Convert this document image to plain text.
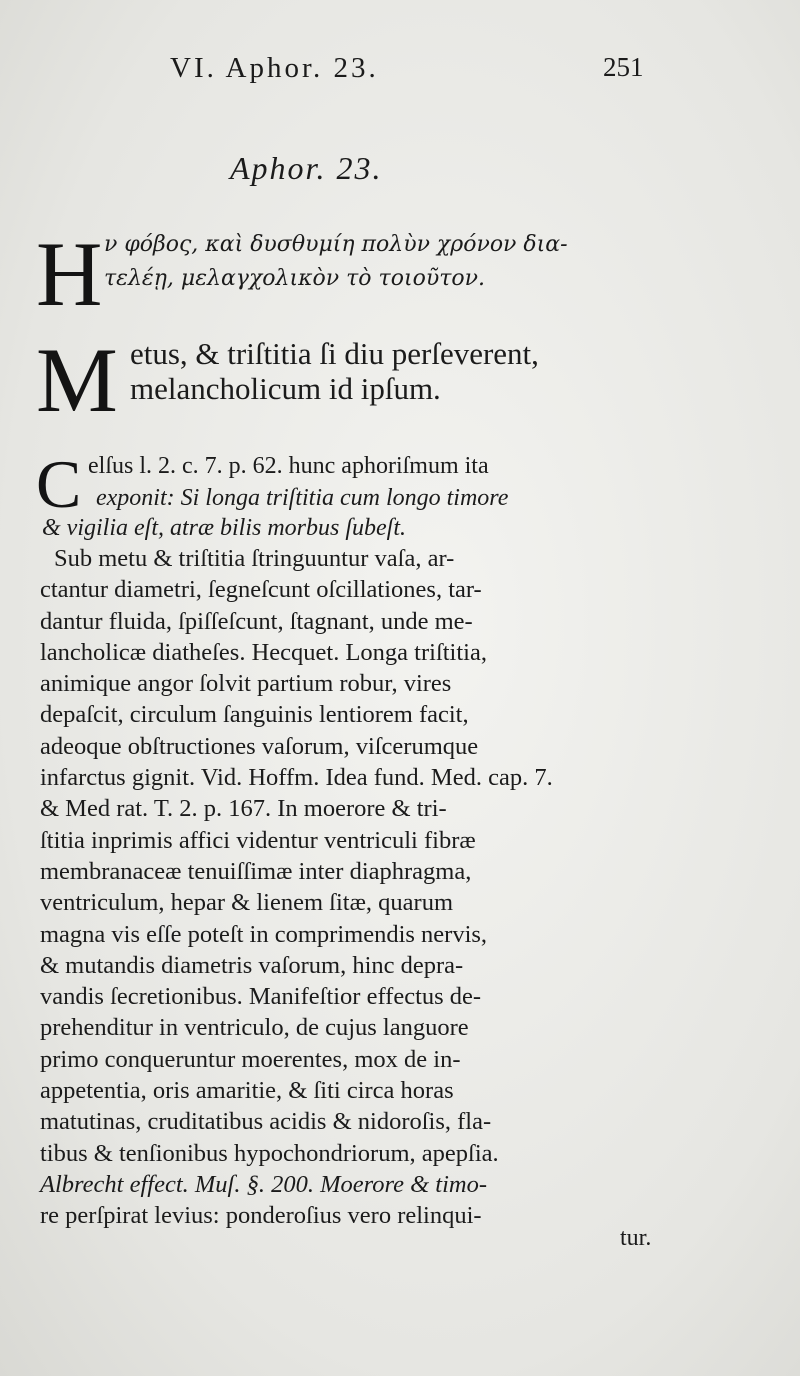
VI. Aphor. 23.	251
Aphor. 23.
H ν φόβος, καὶ δυσθυμίη πολὺν χρόνον δια-
τελέῃ, μελαγχολικὸν τὸ τοιοῦτον.
M etus, & triſtitia ſi diu perſeverent,
melancholicum id ipſum.
C elſus l. 2. c. 7. p. 62. hunc aphoriſmum ita
exponit: Si longa triſtitia cum longo timore
& vigilia eſt, atræ bilis morbus ſubeſt.
Sub metu & triſtitia ſtringuuntur vaſa, ar-
ctantur diametri, ſegneſcunt oſcillationes, tar-
dantur fluida, ſpiſſeſcunt, ſtagnant, unde me-
lancholicæ diatheſes. Hecquet. Longa triſtitia,
animique angor ſolvit partium robur, vires
depaſcit, circulum ſanguinis lentiorem facit,
adeoque obſtructiones vaſorum, viſcerumque
infarctus gignit. Vid. Hoffm. Idea fund. Med. cap. 7.
& Med rat. T. 2. p. 167. In moerore & tri-
ſtitia inprimis affici videntur ventriculi fibræ
membranaceæ tenuiſſimæ inter diaphragma,
ventriculum, hepar & lienem ſitæ, quarum
magna vis eſſe poteſt in comprimendis nervis,
& mutandis diametris vaſorum, hinc depra-
vandis ſecretionibus. Manifeſtior effectus de-
prehenditur in ventriculo, de cujus languore
primo conqueruntur moerentes, mox de in-
appetentia, oris amaritie, & ſiti circa horas
matutinas, cruditatibus acidis & nidoroſis, fla-
tibus & tenſionibus hypochondriorum, apepſia.
Albrecht effect. Muſ. §. 200. Moerore & timo-
re perſpirat levius: ponderoſius vero relinqui-
tur.
